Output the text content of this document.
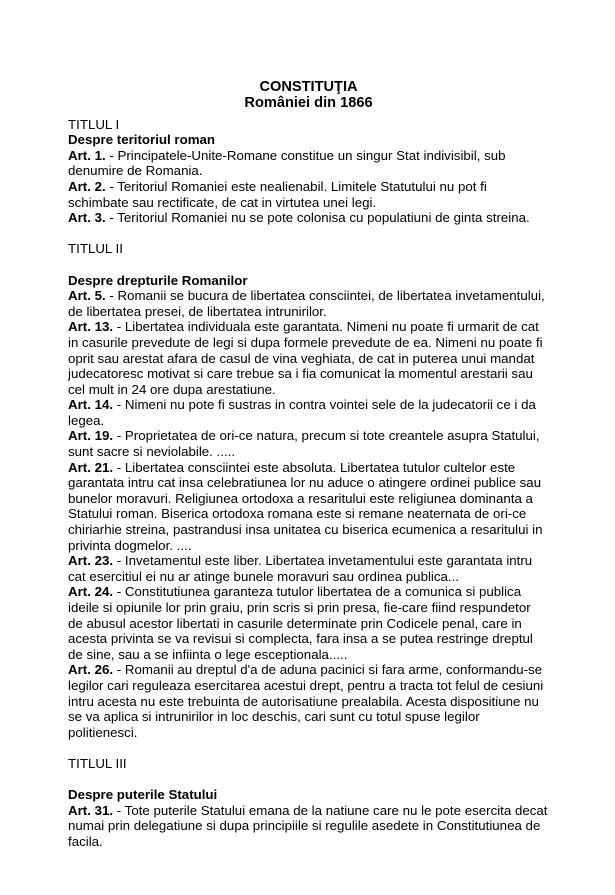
CONSTITUŢIA
României din 1866

TITLUL I

Despre teritoriul roman

Art. 1. - Principatele-Unite-Romane constitue un singur Stat indivisibil, sub denumire de Romania.

Art. 2. - Teritoriul Romaniei este nealienabil. Limitele Statutului nu pot fi schimbate sau rectificate, de cat in virtutea unei legi.

Art. 3. - Teritoriul Romaniei nu se pote colonisa cu populatiuni de ginta streina.

TITLUL II

Despre drepturile Romanilor

Art. 5. - Romanii se bucura de libertatea consciintei, de libertatea invetamentului, de libertatea presei, de libertatea intrunirilor.

Art. 13. - Libertatea individuala este garantata. Nimeni nu poate fi urmarit de cat in casurile prevedute de legi si dupa formele prevedute de ea. Nimeni nu poate fi oprit sau arestat afara de casul de vina veghiata, de cat in puterea unui mandat judecatoresc motivat si care trebue sa i fia comunicat la momentul arestarii sau cel mult in 24 ore dupa arestatiune.

Art. 14. - Nimeni nu pote fi sustras in contra vointei sele de la judecatorii ce i da legea.

Art. 19. - Proprietatea de ori-ce natura, precum si tote creantele asupra Statului, sunt sacre si neviolabile. .....

Art. 21. - Libertatea consciintei este absoluta. Libertatea tutulor cultelor este garantata intru cat insa celebratiunea lor nu aduce o atingere ordinei publice sau bunelor moravuri. Religiunea ortodoxa a resaritului este religiunea dominanta a Statului roman. Biserica ortodoxa romana este si remane neaternata de ori-ce chiriarhie streina, pastrandusi insa unitatea cu biserica ecumenica a resaritului in privinta dogmelor. ....

Art. 23. - Invetamentul este liber. Libertatea invetamentului este garantata intru cat esercitiul ei nu ar atinge bunele moravuri sau ordinea publica...

Art. 24. - Constitutiunea garanteza tutulor libertatea de a comunica si publica ideile si opiunile lor prin graiu, prin scris si prin presa, fie-care fiind respundetor de abusul acestor libertati in casurile determinate prin Codicele penal, care in acesta privinta se va revisui si complecta, fara insa a se putea restringe dreptul de sine, sau a se infiinta o lege esceptionala.....

Art. 26. - Romanii au dreptul d'a de aduna pacinici si fara arme, conformandu-se legilor cari reguleaza esercitarea acestui drept, pentru a tracta tot felul de cesiuni intru acesta nu este trebuinta de autorisatiune prealabila. Acesta dispositiune nu se va aplica si intrunirilor in loc deschis, cari sunt cu totul spuse legilor politienesci.

TITLUL III

Despre puterile Statului

Art. 31. - Tote puterile Statului emana de la natiune care nu le pote esercita decat numai prin delegatiune si dupa principiile si regulile asedete in Constitutiunea de facila.
